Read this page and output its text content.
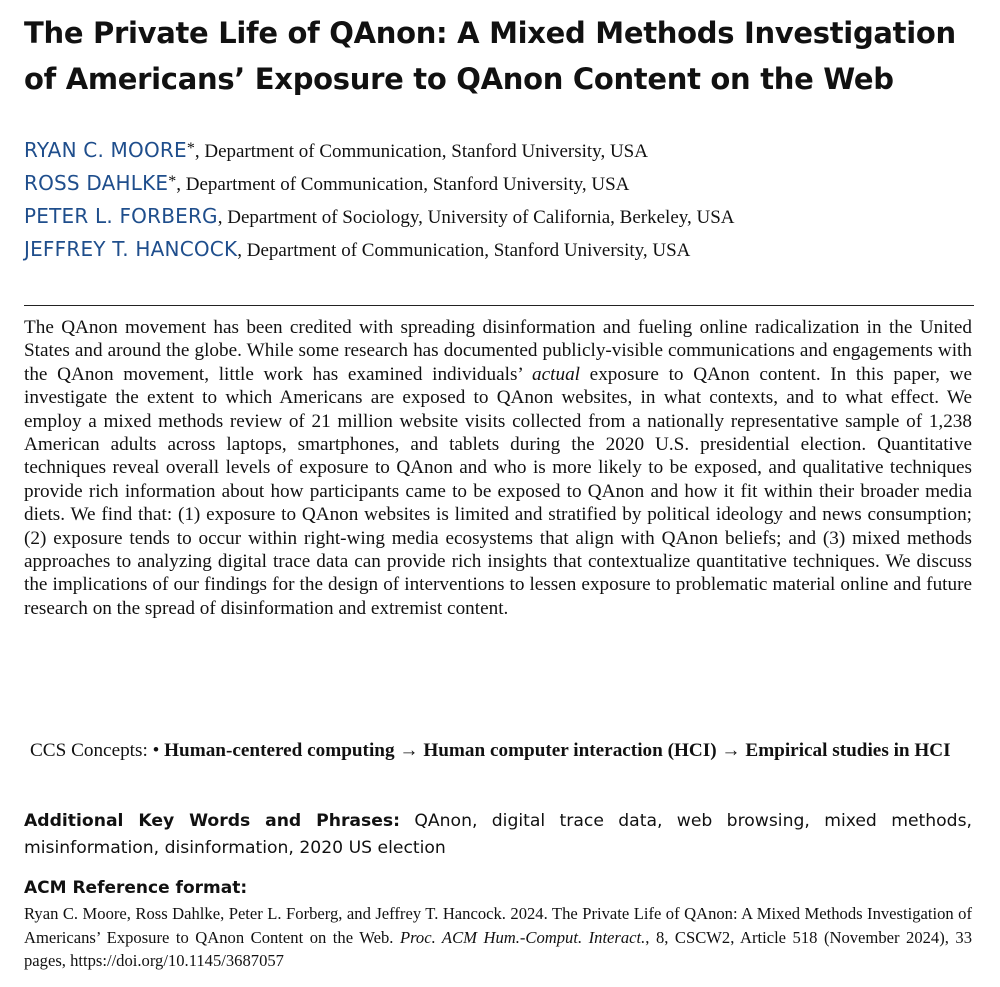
The Private Life of QAnon: A Mixed Methods Investigation
of Americans’ Exposure to QAnon Content on the Web
RYAN C. MOORE*, Department of Communication, Stanford University, USA
ROSS DAHLKE*, Department of Communication, Stanford University, USA
PETER L. FORBERG, Department of Sociology, University of California, Berkeley, USA
JEFFREY T. HANCOCK, Department of Communication, Stanford University, USA

The QAnon movement has been credited with spreading disinformation and fueling online radicalization in the United States and around the globe. While some research has documented publicly-visible communications and engagements with the QAnon movement, little work has examined individuals’ actual exposure to QAnon content. In this paper, we investigate the extent to which Americans are exposed to QAnon websites, in what contexts, and to what effect. We employ a mixed methods review of 21 million website visits collected from a nationally representative sample of 1,238 American adults across laptops, smartphones, and tablets during the 2020 U.S. presidential election. Quantitative techniques reveal overall levels of exposure to QAnon and who is more likely to be exposed, and qualitative techniques provide rich information about how participants came to be exposed to QAnon and how it fit within their broader media diets. We find that: (1) exposure to QAnon websites is limited and stratified by political ideology and news consumption; (2) exposure tends to occur within right-wing media ecosystems that align with QAnon beliefs; and (3) mixed methods approaches to analyzing digital trace data can provide rich insights that contextualize quantitative techniques. We discuss the implications of our findings for the design of interventions to lessen exposure to problematic material online and future research on the spread of disinformation and extremist content.

CCS Concepts: • Human-centered computing → Human computer interaction (HCI) → Empirical studies in HCI

Additional Key Words and Phrases: QAnon, digital trace data, web browsing, mixed methods, misinformation, disinformation, 2020 US election

ACM Reference format:

Ryan C. Moore, Ross Dahlke, Peter L. Forberg, and Jeffrey T. Hancock. 2024. The Private Life of QAnon: A Mixed Methods Investigation of Americans’ Exposure to QAnon Content on the Web. Proc. ACM Hum.-Comput. Interact., 8, CSCW2, Article 518 (November 2024), 33 pages, https://doi.org/10.1145/3687057
